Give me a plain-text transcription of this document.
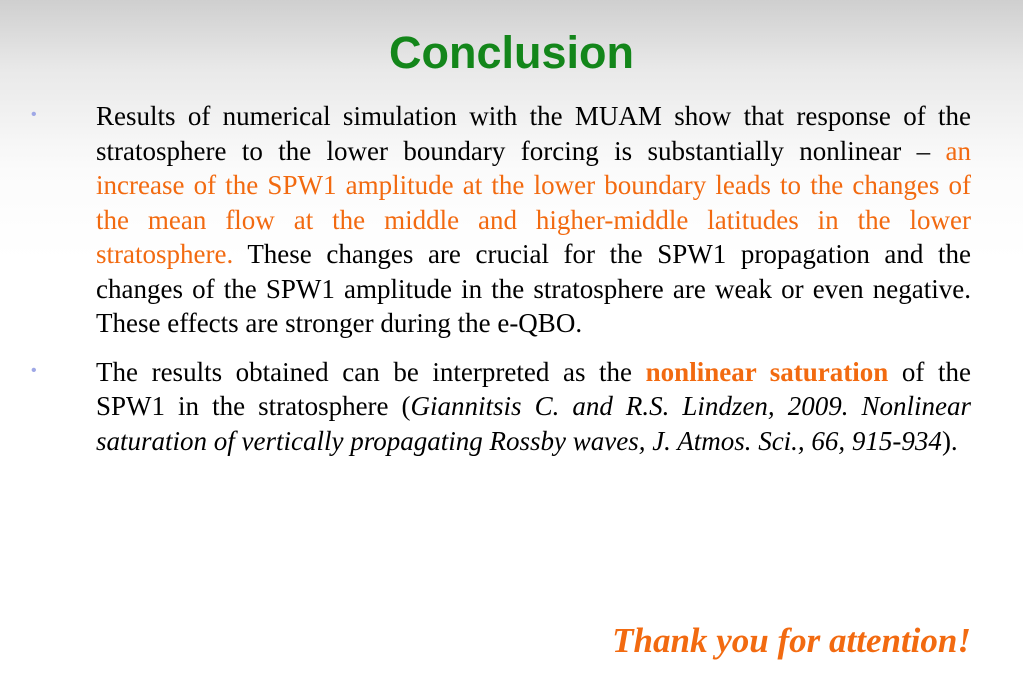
Conclusion
• Results of numerical simulation with the MUAM show that response of the stratosphere to the lower boundary forcing is substantially nonlinear – an increase of the SPW1 amplitude at the lower boundary leads to the changes of the mean flow at the middle and higher-middle latitudes in the lower stratosphere. These changes are crucial for the SPW1 propagation and the changes of the SPW1 amplitude in the stratosphere are weak or even negative. These effects are stronger during the e-QBO.
• The results obtained can be interpreted as the nonlinear saturation of the SPW1 in the stratosphere (Giannitsis C. and R.S. Lindzen, 2009. Nonlinear saturation of vertically propagating Rossby waves, J. Atmos. Sci., 66, 915-934).
Thank you for attention!
